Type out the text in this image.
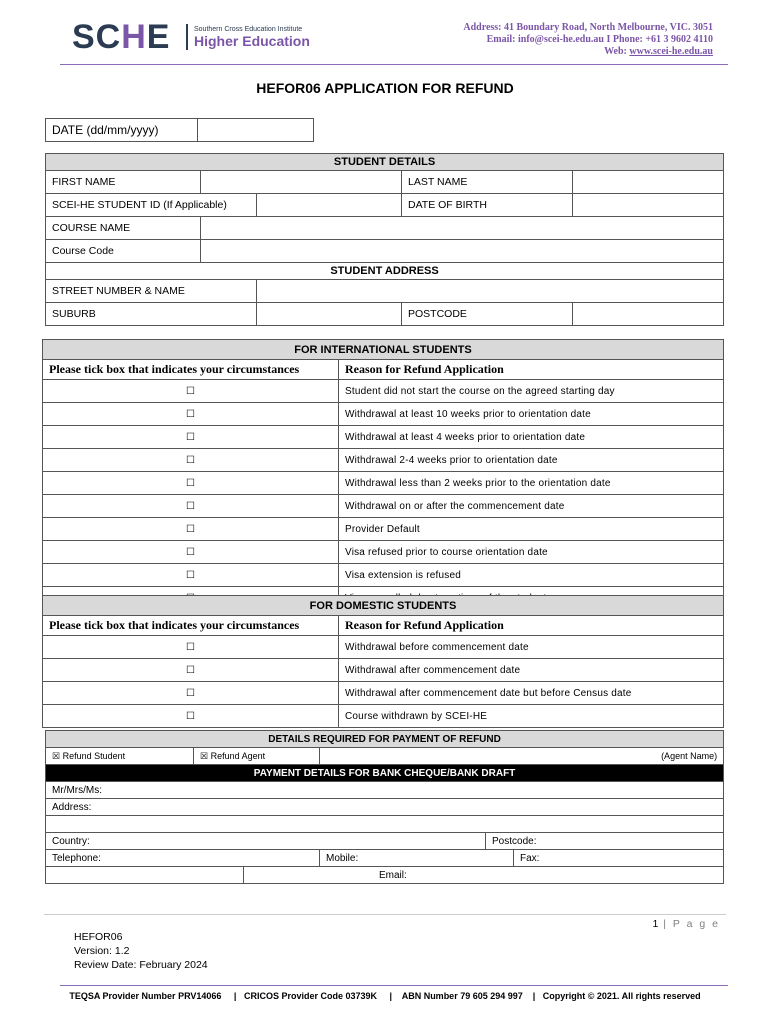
SCHE	Southern Cross Education Institute
Higher Education
Address: 41 Boundary Road, North Melbourne, VIC. 3051
Email: info@scei-he.edu.au I Phone: +61 3 9602 4110
Web: www.scei-he.edu.au
HEFOR06 APPLICATION FOR REFUND
DATE (dd/mm/yyyy)	
STUDENT DETAILS				
FIRST NAME			LAST NAME	
SCEI-HE STUDENT ID (If Applicable)			DATE OF BIRTH	
COURSE NAME				
Course Code				
STUDENT ADDRESS				
STREET NUMBER & NAME				
SUBURB			POSTCODE	
FOR INTERNATIONAL STUDENTS	
Please tick box that indicates your circumstances	Reason for Refund Application
☐	Student did not start the course on the agreed starting day
☐	Withdrawal at least 10 weeks prior to orientation date
☐	Withdrawal at least 4 weeks prior to orientation date
☐	Withdrawal 2-4 weeks prior to orientation date
☐	Withdrawal less than 2 weeks prior to the orientation date
☐	Withdrawal on or after the commencement date
☐	Provider Default
☐	Visa refused prior to course orientation date
☐	Visa extension is refused

FOR DOMESTIC STUDENTS	
Please tick box that indicates your circumstances	Reason for Refund Application
☐	Withdrawal before commencement date
☐	Withdrawal after commencement date
☐	Withdrawal after commencement date but before Census date
☐	Course withdrawn by SCEI-HE
DETAILS REQUIRED FOR PAYMENT OF REFUND					
☒ Refund Student	☒ Refund Agent		(Agent Name)		
PAYMENT DETAILS FOR BANK CHEQUE/BANK DRAFT					
Mr/Mrs/Ms:					
Address:					

Country:				Postcode:	
Telephone:			Mobile:		Fax:
		Email:			
1 | P a g e
HEFOR06
Version: 1.2
Review Date: February 2024
TEQSA Provider Number PRV14066     |   CRICOS Provider Code 03739K     |    ABN Number 79 605 294 997    |   Copyright © 2021. All rights reserved
